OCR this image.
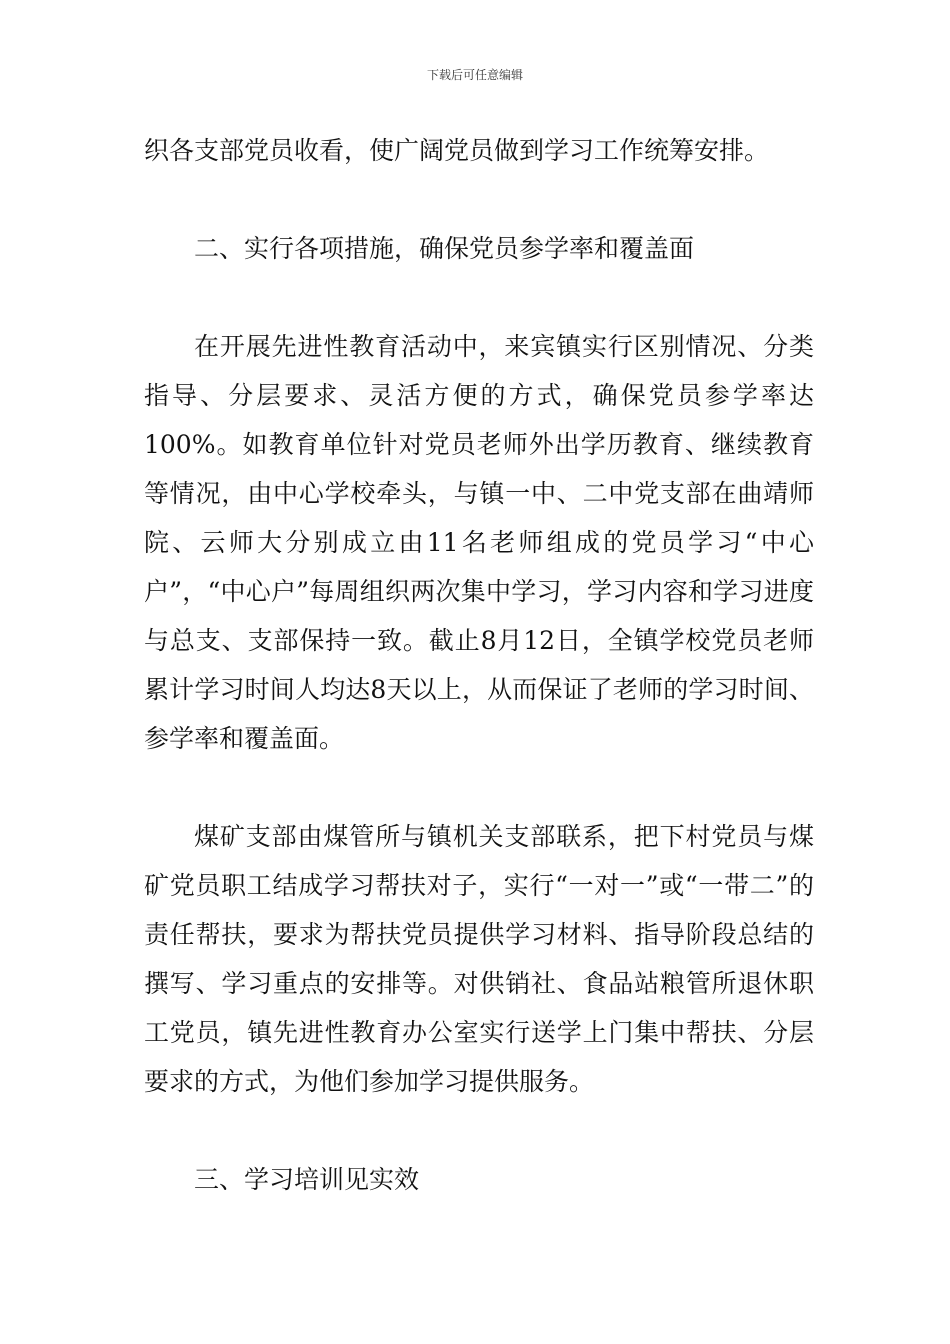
下载后可任意编辑

织各支部党员收看，使广阔党员做到学习工作统筹安排。

二、实行各项措施，确保党员参学率和覆盖面

在开展先进性教育活动中，来宾镇实行区别情况、分类指导、分层要求、灵活方便的方式，确保党员参学率达100%。如教育单位针对党员老师外出学历教育、继续教育等情况，由中心学校牵头，与镇一中、二中党支部在曲靖师院、云师大分别成立由11名老师组成的党员学习“中心户”，“中心户”每周组织两次集中学习，学习内容和学习进度与总支、支部保持一致。截止8月12日，全镇学校党员老师累计学习时间人均达8天以上，从而保证了老师的学习时间、参学率和覆盖面。

煤矿支部由煤管所与镇机关支部联系，把下村党员与煤矿党员职工结成学习帮扶对子，实行“一对一”或“一带二”的责任帮扶，要求为帮扶党员提供学习材料、指导阶段总结的撰写、学习重点的安排等。对供销社、食品站粮管所退休职工党员，镇先进性教育办公室实行送学上门集中帮扶、分层要求的方式，为他们参加学习提供服务。

三、学习培训见实效
